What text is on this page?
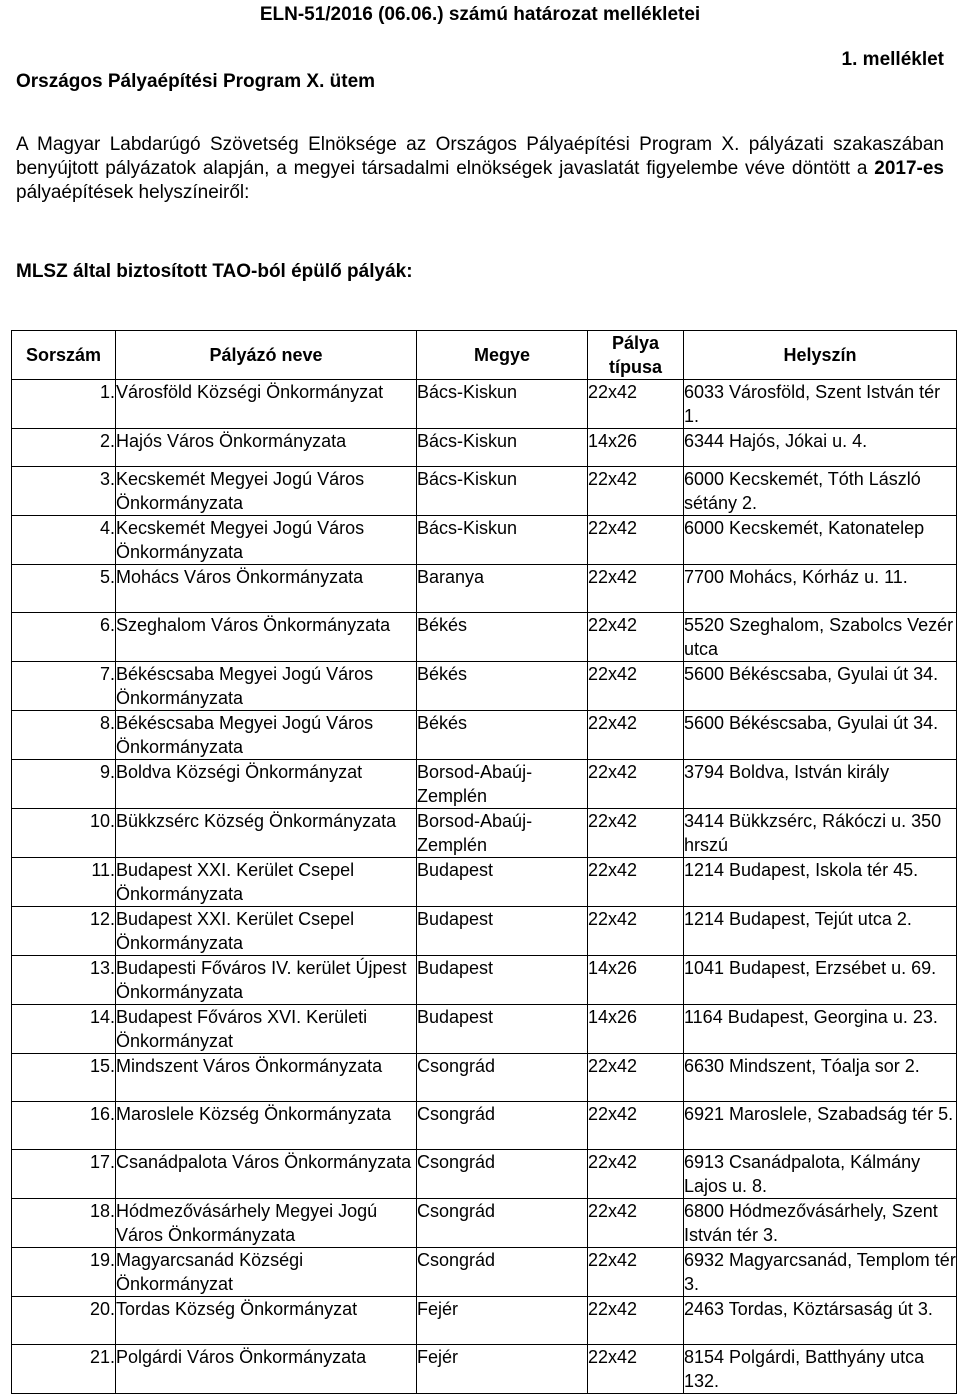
ELN-51/2016 (06.06.) számú határozat mellékletei
Országos Pályaépítési Program X. ütem
1. melléklet
A Magyar Labdarúgó Szövetség Elnöksége az Országos Pályaépítési Program X. pályázati szakaszában benyújtott pályázatok alapján, a megyei társadalmi elnökségek javaslatát figyelembe véve döntött a 2017-es pályaépítések helyszíneiről:
MLSZ által biztosított TAO-ból épülő pályák:
Sorszám	Pályázó neve	Megye	Pálya típusa	Helyszín
1.	Városföld Községi Önkormányzat	Bács-Kiskun	22x42	6033 Városföld, Szent István tér 1.
2.	Hajós Város Önkormányzata	Bács-Kiskun	14x26	6344 Hajós, Jókai u. 4.
3.	Kecskemét Megyei Jogú Város Önkormányzata	Bács-Kiskun	22x42	6000 Kecskemét, Tóth László sétány 2.
4.	Kecskemét Megyei Jogú Város Önkormányzata	Bács-Kiskun	22x42	6000 Kecskemét, Katonatelep
5.	Mohács Város Önkormányzata	Baranya	22x42	7700 Mohács, Kórház u. 11.
6.	Szeghalom Város Önkormányzata	Békés	22x42	5520 Szeghalom, Szabolcs Vezér utca
7.	Békéscsaba Megyei Jogú Város Önkormányzata	Békés	22x42	5600 Békéscsaba, Gyulai út 34.
8.	Békéscsaba Megyei Jogú Város Önkormányzata	Békés	22x42	5600 Békéscsaba, Gyulai út 34.
9.	Boldva Községi Önkormányzat	Borsod-Abaúj-Zemplén	22x42	3794 Boldva, István király
10.	Bükkzsérc Község Önkormányzata	Borsod-Abaúj-Zemplén	22x42	3414 Bükkzsérc, Rákóczi u. 350 hrszú
11.	Budapest XXI. Kerület Csepel Önkormányzata	Budapest	22x42	1214 Budapest, Iskola tér 45.
12.	Budapest XXI. Kerület Csepel Önkormányzata	Budapest	22x42	1214 Budapest, Tejút utca 2.
13.	Budapesti Főváros IV. kerület Újpest Önkormányzata	Budapest	14x26	1041 Budapest, Erzsébet u. 69.
14.	Budapest Főváros XVI. Kerületi Önkormányzat	Budapest	14x26	1164 Budapest, Georgina u. 23.
15.	Mindszent Város Önkormányzata	Csongrád	22x42	6630 Mindszent, Tóalja sor 2.
16.	Maroslele Község Önkormányzata	Csongrád	22x42	6921 Maroslele, Szabadság tér 5.
17.	Csanádpalota Város Önkormányzata	Csongrád	22x42	6913 Csanádpalota, Kálmány Lajos u. 8.
18.	Hódmezővásárhely Megyei Jogú Város Önkormányzata	Csongrád	22x42	6800 Hódmezővásárhely, Szent István tér 3.
19.	Magyarcsanád Községi Önkormányzat	Csongrád	22x42	6932 Magyarcsanád, Templom tér 3.
20.	Tordas Község Önkormányzat	Fejér	22x42	2463 Tordas, Köztársaság út 3.
21.	Polgárdi Város Önkormányzata	Fejér	22x42	8154 Polgárdi, Batthyány utca 132.
